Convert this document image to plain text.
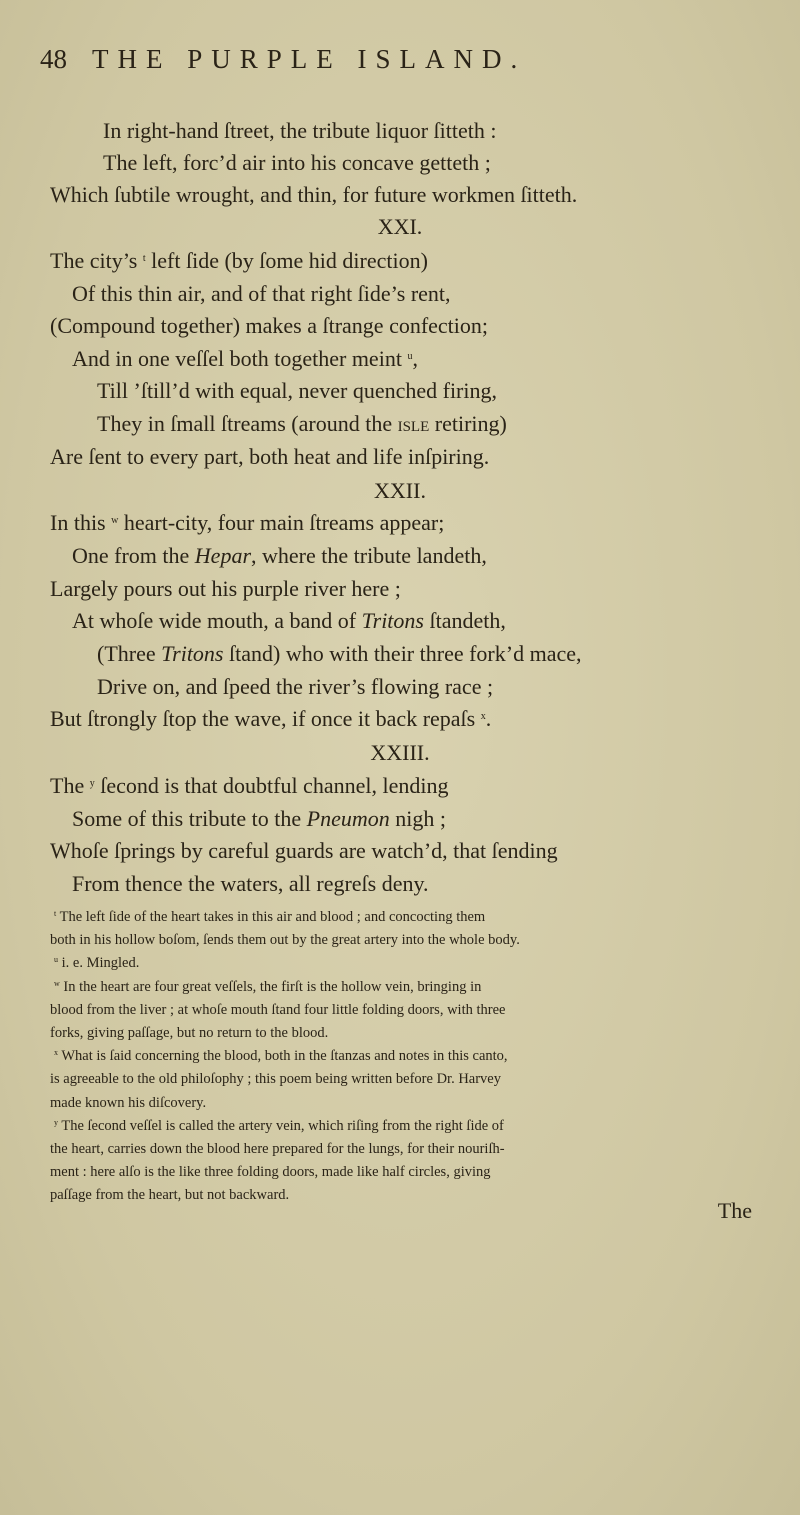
48 THE PURPLE ISLAND.
In right-hand ſtreet, the tribute liquor ſitteth :
The left, forc’d air into his concave getteth ;
Which ſubtile wrought, and thin, for future workmen ſitteth.
XXI.
The city’s $^t$ left ſide (by ſome hid direction)
Of this thin air, and of that right ſide’s rent,
(Compound together) makes a ſtrange confection;
And in one veſſel both together meint $^u$,
Till ’ſtill’d with equal, never quenched firing,
They in ſmall ſtreams (around the isle retiring)
Are ſent to every part, both heat and life inſpiring.
XXII.
In this $^w$ heart-city, four main ſtreams appear;
One from the Hepar, where the tribute landeth,
Largely pours out his purple river here ;
At whoſe wide mouth, a band of Tritons ſtandeth,
(Three Tritons ſtand) who with their three fork’d mace,
Drive on, and ſpeed the river’s flowing race ;
But ſtrongly ſtop the wave, if once it back repaſs $^x$.
XXIII.
The $^y$ ſecond is that doubtful channel, lending
Some of this tribute to the Pneumon nigh ;
Whoſe ſprings by careful guards are watch’d, that ſending
From thence the waters, all regreſs deny.
$^t$ The left ſide of the heart takes in this air and blood ; and concocting them
both in his hollow boſom, ſends them out by the great artery into the whole body.
$^u$ i. e. Mingled.
$^w$ In the heart are four great veſſels, the firſt is the hollow vein, bringing in
blood from the liver ; at whoſe mouth ſtand four little folding doors, with three
forks, giving paſſage, but no return to the blood.
$^x$ What is ſaid concerning the blood, both in the ſtanzas and notes in this canto,
is agreeable to the old philoſophy ; this poem being written before Dr. Harvey
made known his diſcovery.
$^y$ The ſecond veſſel is called the artery vein, which riſing from the right ſide of
the heart, carries down the blood here prepared for the lungs, for their nouriſh-
ment : here alſo is the like three folding doors, made like half circles, giving
paſſage from the heart, but not backward.
The
